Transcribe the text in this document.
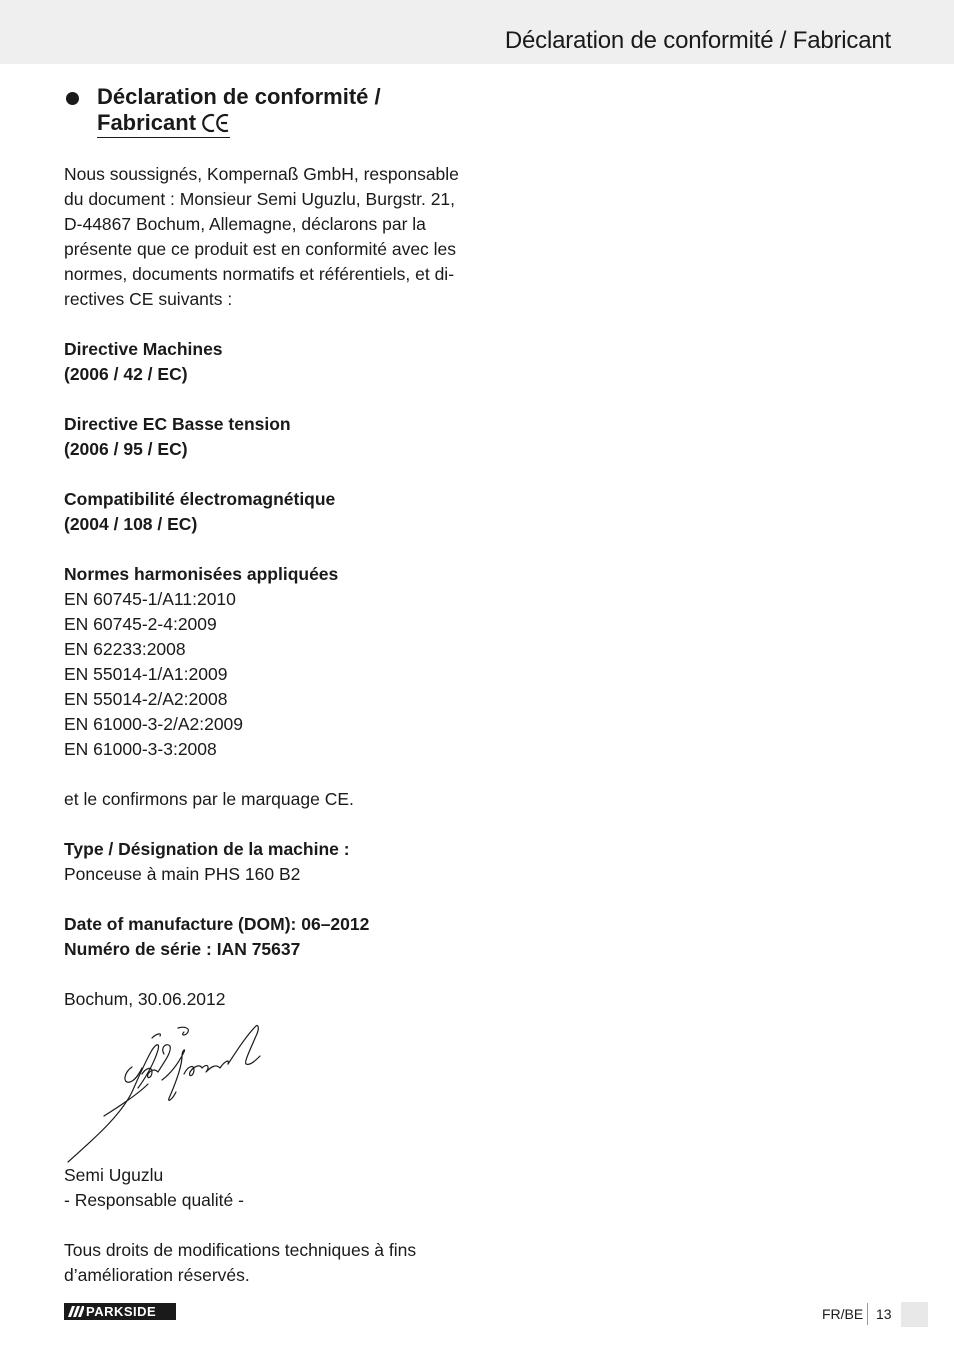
Déclaration de conformité / Fabricant
Déclaration de conformité /
Fabricant

Nous soussignés, Kompernaß GmbH, responsable

du document : Monsieur Semi Uguzlu, Burgstr. 21,

D-44867 Bochum, Allemagne, déclarons par la

présente que ce produit est en conformité avec les

normes, documents normatifs et référentiels, et di-

rectives CE suivants :

Directive Machines

(2006 / 42 / EC)

Directive EC Basse tension

(2006 / 95 / EC)

Compatibilité électromagnétique

(2004 / 108 / EC)

Normes harmonisées appliquées

EN 60745-1/A11:2010

EN 60745-2-4:2009

EN 62233:2008

EN 55014-1/A1:2009

EN 55014-2/A2:2008

EN 61000-3-2/A2:2009

EN 61000-3-3:2008

et le confirmons par le marquage CE.

Type / Désignation de la machine :

Ponceuse à main PHS 160 B2

Date of manufacture (DOM): 06–2012

Numéro de série : IAN 75637

Bochum, 30.06.2012

Semi Uguzlu
- Responsable qualité -

Tous droits de modifications techniques à fins

d’amélioration réservés.

PARKSIDE	FR/BE 13
